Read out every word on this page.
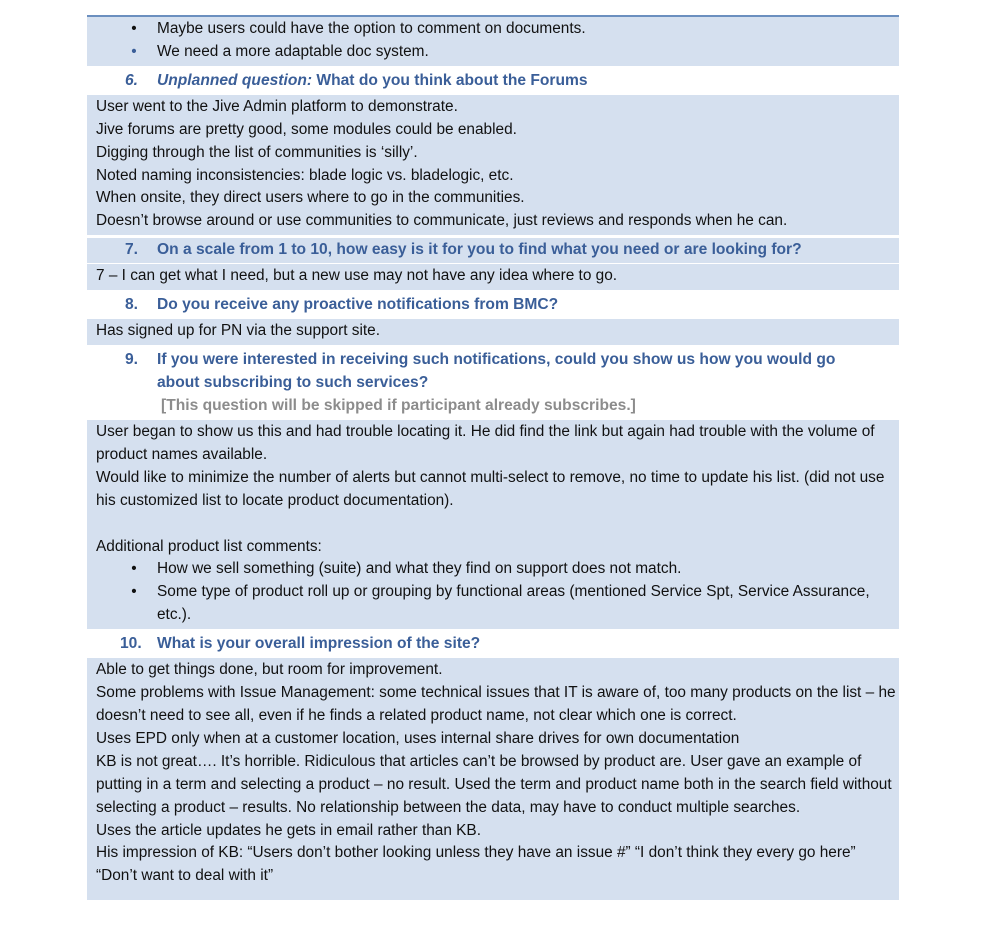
• Maybe users could have the option to comment on documents.
• We need a more adaptable doc system.
6.	Unplanned question: What do you think about the Forums

User went to the Jive Admin platform to demonstrate.

Jive forums are pretty good, some modules could be enabled.

Digging through the list of communities is ‘silly’.

Noted naming inconsistencies: blade logic vs. bladelogic, etc.

When onsite, they direct users where to go in the communities.

Doesn’t browse around or use communities to communicate, just reviews and responds when he can.

7.	On a scale from 1 to 10, how easy is it for you to find what you need or are looking for?

7 – I can get what I need, but a new use may not have any idea where to go.

8.	Do you receive any proactive notifications from BMC?

Has signed up for PN via the support site.

9.	If you were interested in receiving such notifications, could you show us how you would go about subscribing to such services?
[This question will be skipped if participant already subscribes.]

User began to show us this and had trouble locating it. He did find the link but again had trouble with the volume of product names available.

Would like to minimize the number of alerts but cannot multi-select to remove, no time to update his list. (did not use his customized list to locate product documentation).

Additional product list comments:

• How we sell something (suite) and what they find on support does not match.
• Some type of product roll up or grouping by functional areas (mentioned Service Spt, Service Assurance, etc.).
10. What is your overall impression of the site?

Able to get things done, but room for improvement.

Some problems with Issue Management: some technical issues that IT is aware of, too many products on the list – he doesn’t need to see all, even if he finds a related product name, not clear which one is correct.

Uses EPD only when at a customer location, uses internal share drives for own documentation

KB is not great…. It’s horrible. Ridiculous that articles can’t be browsed by product are. User gave an example of putting in a term and selecting a product – no result. Used the term and product name both in the search field without selecting a product – results. No relationship between the data, may have to conduct multiple searches.

Uses the article updates he gets in email rather than KB.

His impression of KB: “Users don’t bother looking unless they have an issue #” “I don’t think they every go here” “Don’t want to deal with it”
